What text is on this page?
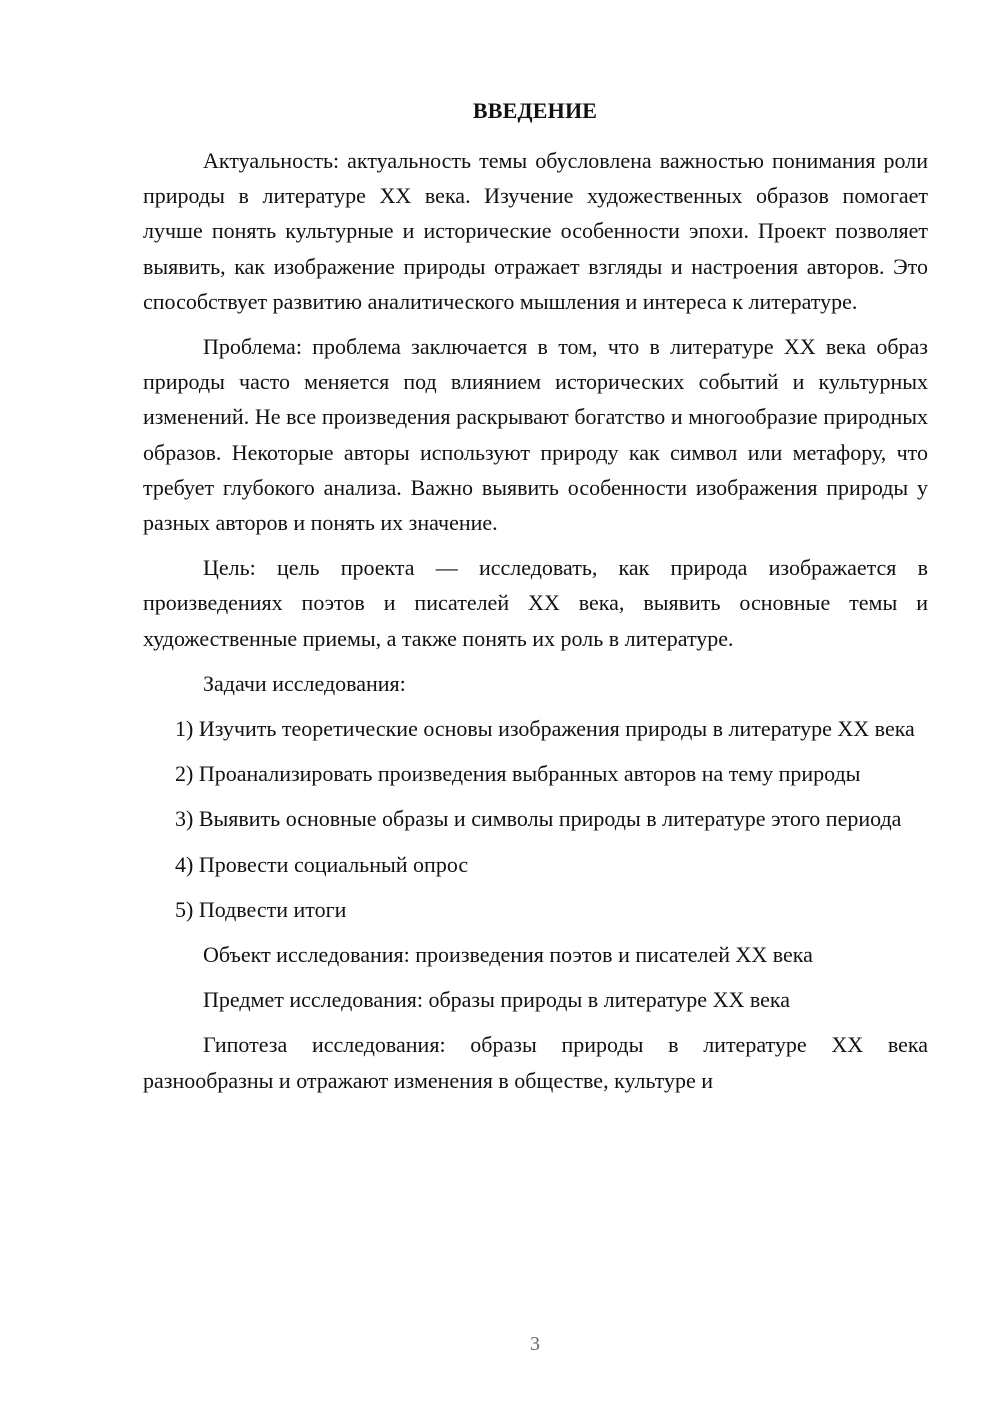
ВВЕДЕНИЕ

Актуальность: актуальность темы обусловлена важностью понимания роли природы в литературе XX века. Изучение художественных образов помогает лучше понять культурные и исторические особенности эпохи. Проект позволяет выявить, как изображение природы отражает взгляды и настроения авторов. Это способствует развитию аналитического мышления и интереса к литературе.

Проблема: проблема заключается в том, что в литературе XX века образ природы часто меняется под влиянием исторических событий и культурных изменений. Не все произведения раскрывают богатство и многообразие природных образов. Некоторые авторы используют природу как символ или метафору, что требует глубокого анализа. Важно выявить особенности изображения природы у разных авторов и понять их значение.

Цель: цель проекта — исследовать, как природа изображается в произведениях поэтов и писателей XX века, выявить основные темы и художественные приемы, а также понять их роль в литературе.

Задачи исследования:

1) Изучить теоретические основы изображения природы в литературе XX века

2) Проанализировать произведения выбранных авторов на тему природы

3) Выявить основные образы и символы природы в литературе этого периода

4) Провести социальный опрос

5) Подвести итоги

Объект исследования: произведения поэтов и писателей XX века

Предмет исследования: образы природы в литературе XX века

Гипотеза исследования: образы природы в литературе XX века разнообразны и отражают изменения в обществе, культуре и

3
